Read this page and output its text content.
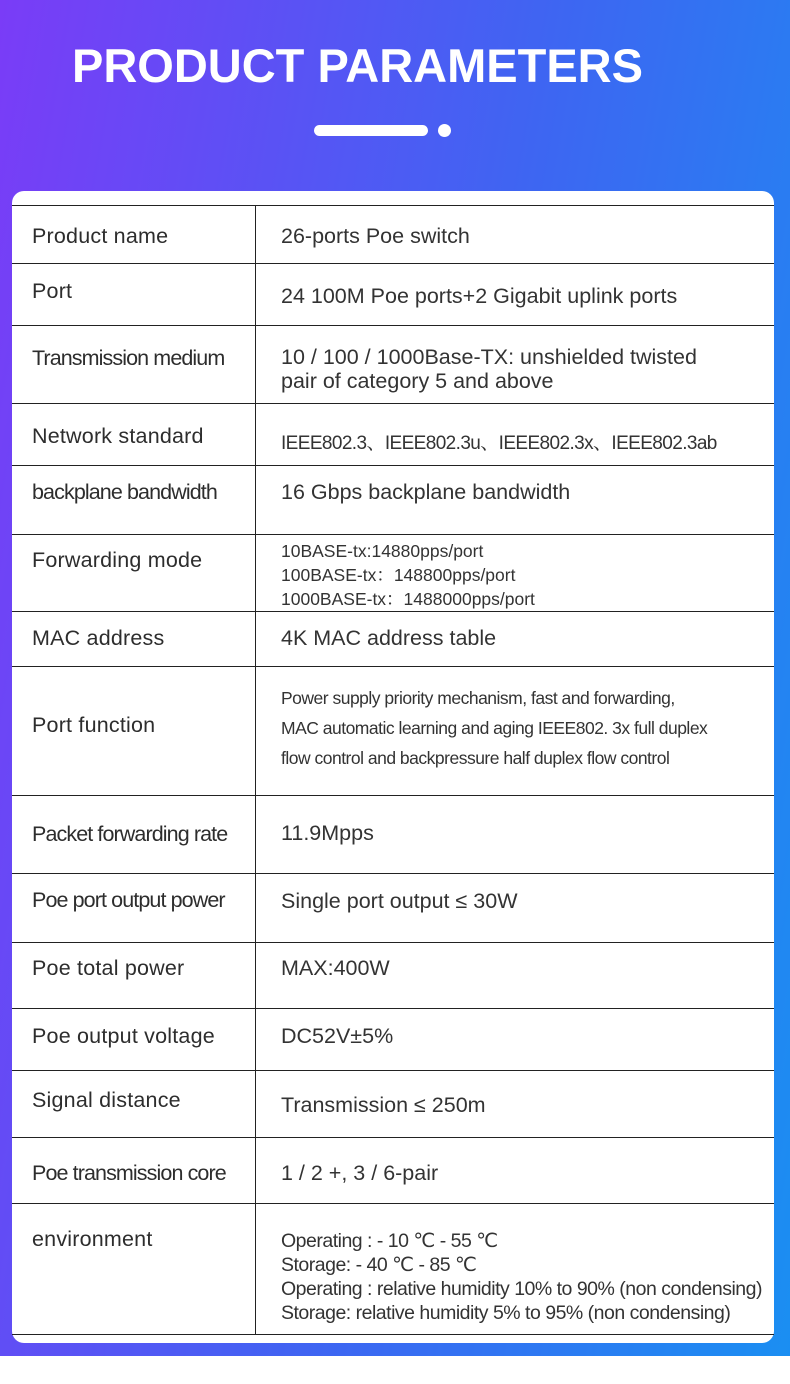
PRODUCT PARAMETERS
Product name	26-ports Poe switch

Port	24 100M Poe ports+2 Gigabit uplink ports

Transmission medium	10 / 100 / 1000Base-TX: unshielded twisted
pair of category 5 and above

Network standard	IEEE802.3、IEEE802.3u、IEEE802.3x、IEEE802.3ab

backplane bandwidth	16 Gbps backplane bandwidth

Forwarding mode	10BASE-tx:14880pps/port
100BASE-tx：148800pps/port
1000BASE-tx：1488000pps/port

MAC address	4K MAC address table

Port function	Power supply priority mechanism, fast and forwarding,
MAC automatic learning and aging IEEE802. 3x full duplex
flow control and backpressure half duplex flow control

Packet forwarding rate	11.9Mpps

Poe port output power	Single port output ≤ 30W

Poe total power	MAX:400W

Poe output voltage	DC52V±5%

Signal distance	Transmission ≤ 250m

Poe transmission core	1 / 2 +, 3 / 6-pair

environment	Operating : - 10 ℃ - 55 ℃
Storage: - 40 ℃ - 85 ℃
Operating : relative humidity 10% to 90% (non condensing)
Storage: relative humidity 5% to 95% (non condensing)
